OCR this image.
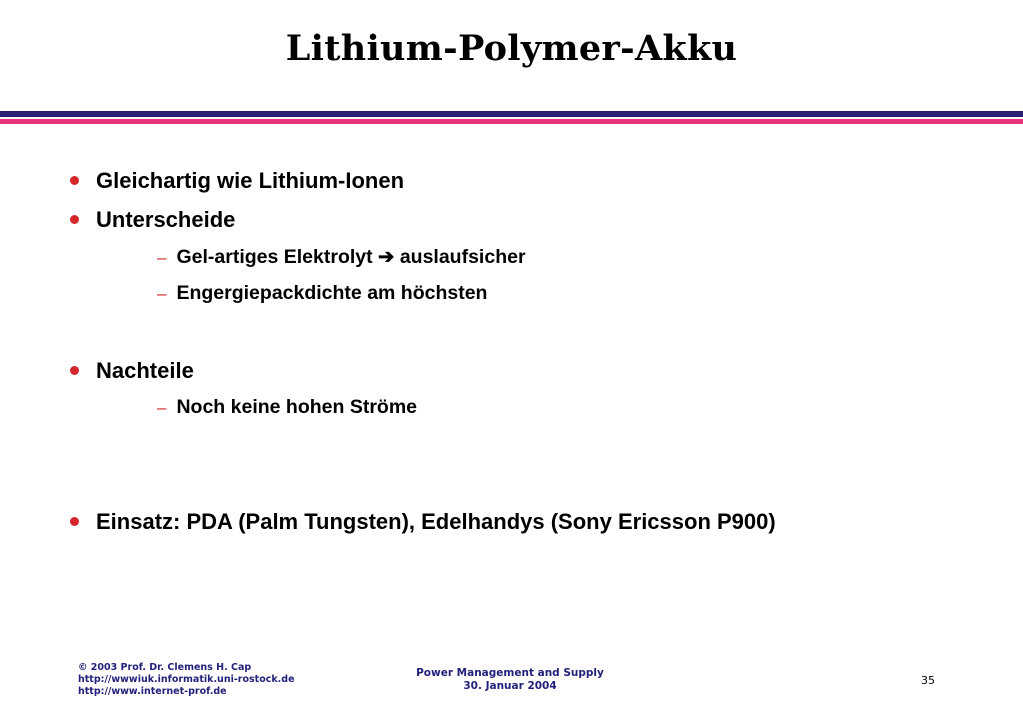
Lithium-Polymer-Akku
Gleichartig wie Lithium-Ionen
Unterscheide
– Gel-artiges Elektrolyt ➔ auslaufsicher
– Engergiepackdichte am höchsten
Nachteile
– Noch keine hohen Ströme
Einsatz: PDA (Palm Tungsten), Edelhandys (Sony Ericsson P900)
© 2003 Prof. Dr. Clemens H. Cap
http://wwwiuk.informatik.uni-rostock.de
http://www.internet-prof.de
Power Management and Supply
30. Januar 2004	35
